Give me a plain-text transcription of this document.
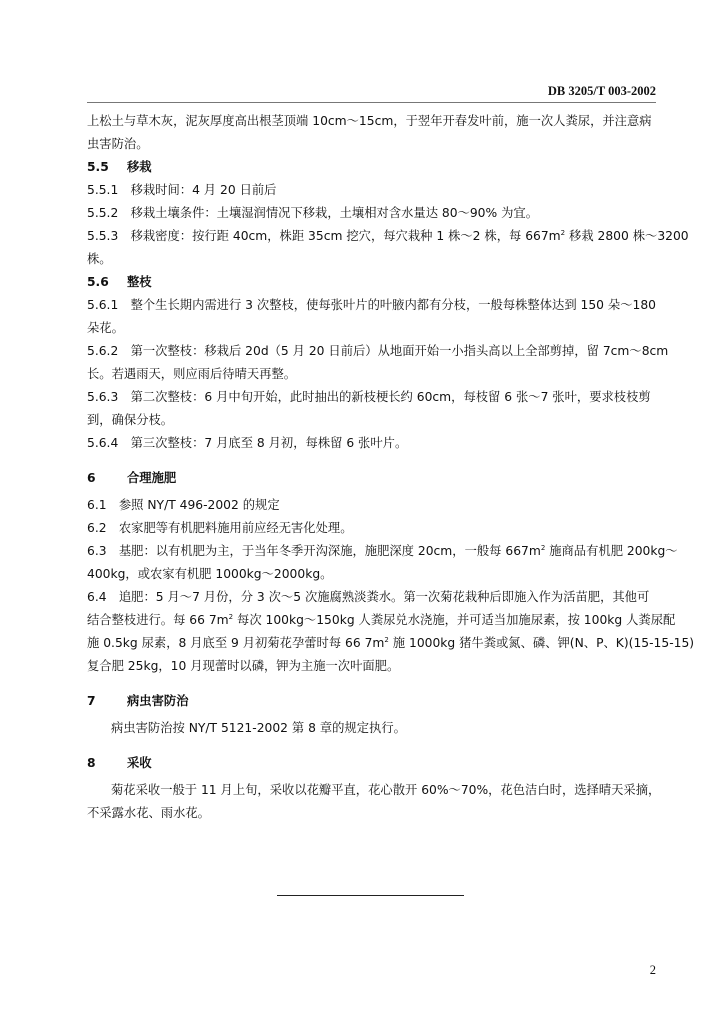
DB 3205/T 003-2002
上松土与草木灰，泥灰厚度高出根茎顶端 10cm～15cm，于翌年开春发叶前，施一次人粪尿，并注意病
虫害防治。
5.5 移栽
5.5.1　移栽时间：4 月 20 日前后
5.5.2　移栽土壤条件：土壤湿润情况下移栽，土壤相对含水量达 80～90% 为宜。
5.5.3　移栽密度：按行距 40cm，株距 35cm 挖穴，每穴栽种 1 株～2 株，每 $667m^2$ 移栽 2800 株～3200
株。
5.6 整枝
5.6.1　整个生长期内需进行 3 次整枝，使每张叶片的叶腋内都有分枝，一般每株整体达到 150 朵～180
朵花。
5.6.2　第一次整枝：移栽后 20d（5 月 20 日前后）从地面开始一小指头高以上全部剪掉，留 7cm～8cm
长。若遇雨天，则应雨后待晴天再整。
5.6.3　第二次整枝：6 月中旬开始，此时抽出的新枝梗长约 60cm，每枝留 6 张～7 张叶，要求枝枝剪
到，确保分枝。
5.6.4　第三次整枝：7 月底至 8 月初，每株留 6 张叶片。
6	合理施肥
6.1　参照 NY/T 496-2002 的规定
6.2　农家肥等有机肥料施用前应经无害化处理。
6.3　基肥：以有机肥为主，于当年冬季开沟深施，施肥深度 20cm，一般每 $667m^2$ 施商品有机肥 200kg～
400kg，或农家有机肥 1000kg～2000kg。
6.4　追肥：5 月～7 月份，分 3 次～5 次施腐熟淡粪水。第一次菊花栽种后即施入作为活苗肥，其他可
结合整枝进行。每 66 $7m^2$ 每次 100kg～150kg 人粪尿兑水浇施，并可适当加施尿素，按 100kg 人粪尿配
施 0.5kg 尿素，8 月底至 9 月初菊花孕蕾时每 66 $7m^2$ 施 1000kg 猪牛粪或氮、磷、钾(N、P、K)(15-15-15)
复合肥 25kg，10 月现蕾时以磷，钾为主施一次叶面肥。
7	病虫害防治
病虫害防治按 NY/T 5121-2002 第 8 章的规定执行。
8	采收
菊花采收一般于 11 月上旬，采收以花瓣平直，花心散开 60%～70%，花色洁白时，选择晴天采摘，
不采露水花、雨水花。
2
